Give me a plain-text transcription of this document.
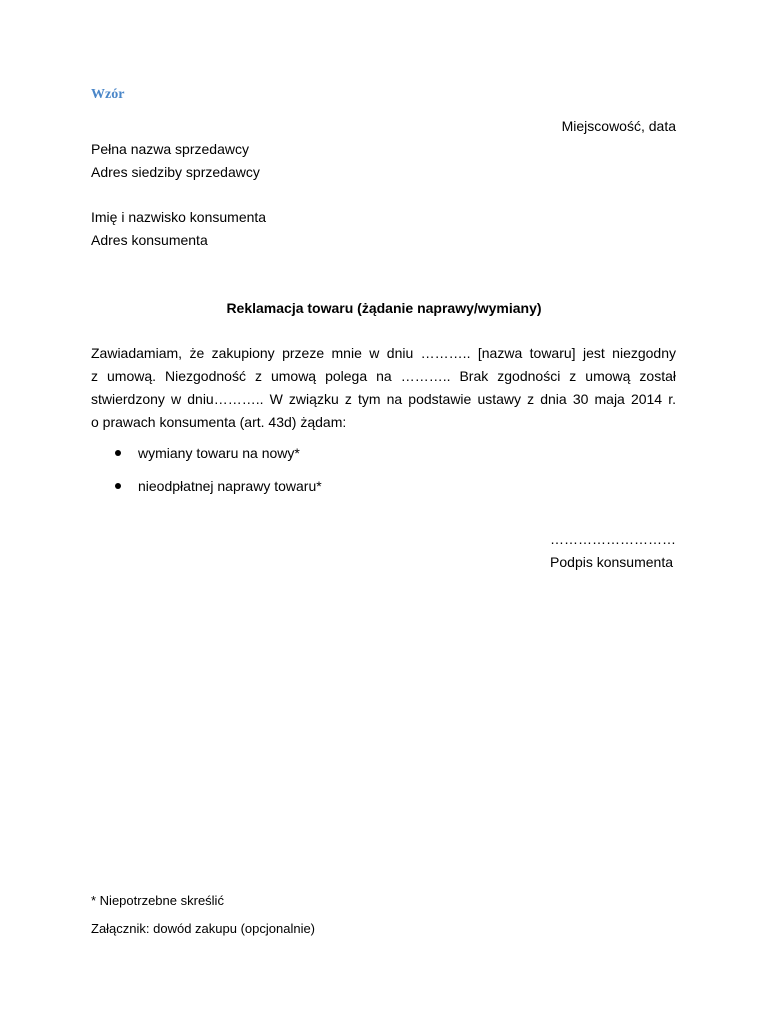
Wzór
Miejscowość, data
Pełna nazwa sprzedawcy
Adres siedziby sprzedawcy
Imię i nazwisko konsumenta
Adres konsumenta
Reklamacja towaru (żądanie naprawy/wymiany)
Zawiadamiam, że zakupiony przeze mnie w dniu ……….. [nazwa towaru] jest niezgodny
z umową. Niezgodność z umową polega na ……….. Brak zgodności z umową został
stwierdzony w dniu……….. W związku z tym na podstawie ustawy z dnia 30 maja 2014 r.
o prawach konsumenta (art. 43d) żądam:
wymiany towaru na nowy*
nieodpłatnej naprawy towaru*
………………………
Podpis konsumenta
* Niepotrzebne skreślić
Załącznik: dowód zakupu (opcjonalnie)
